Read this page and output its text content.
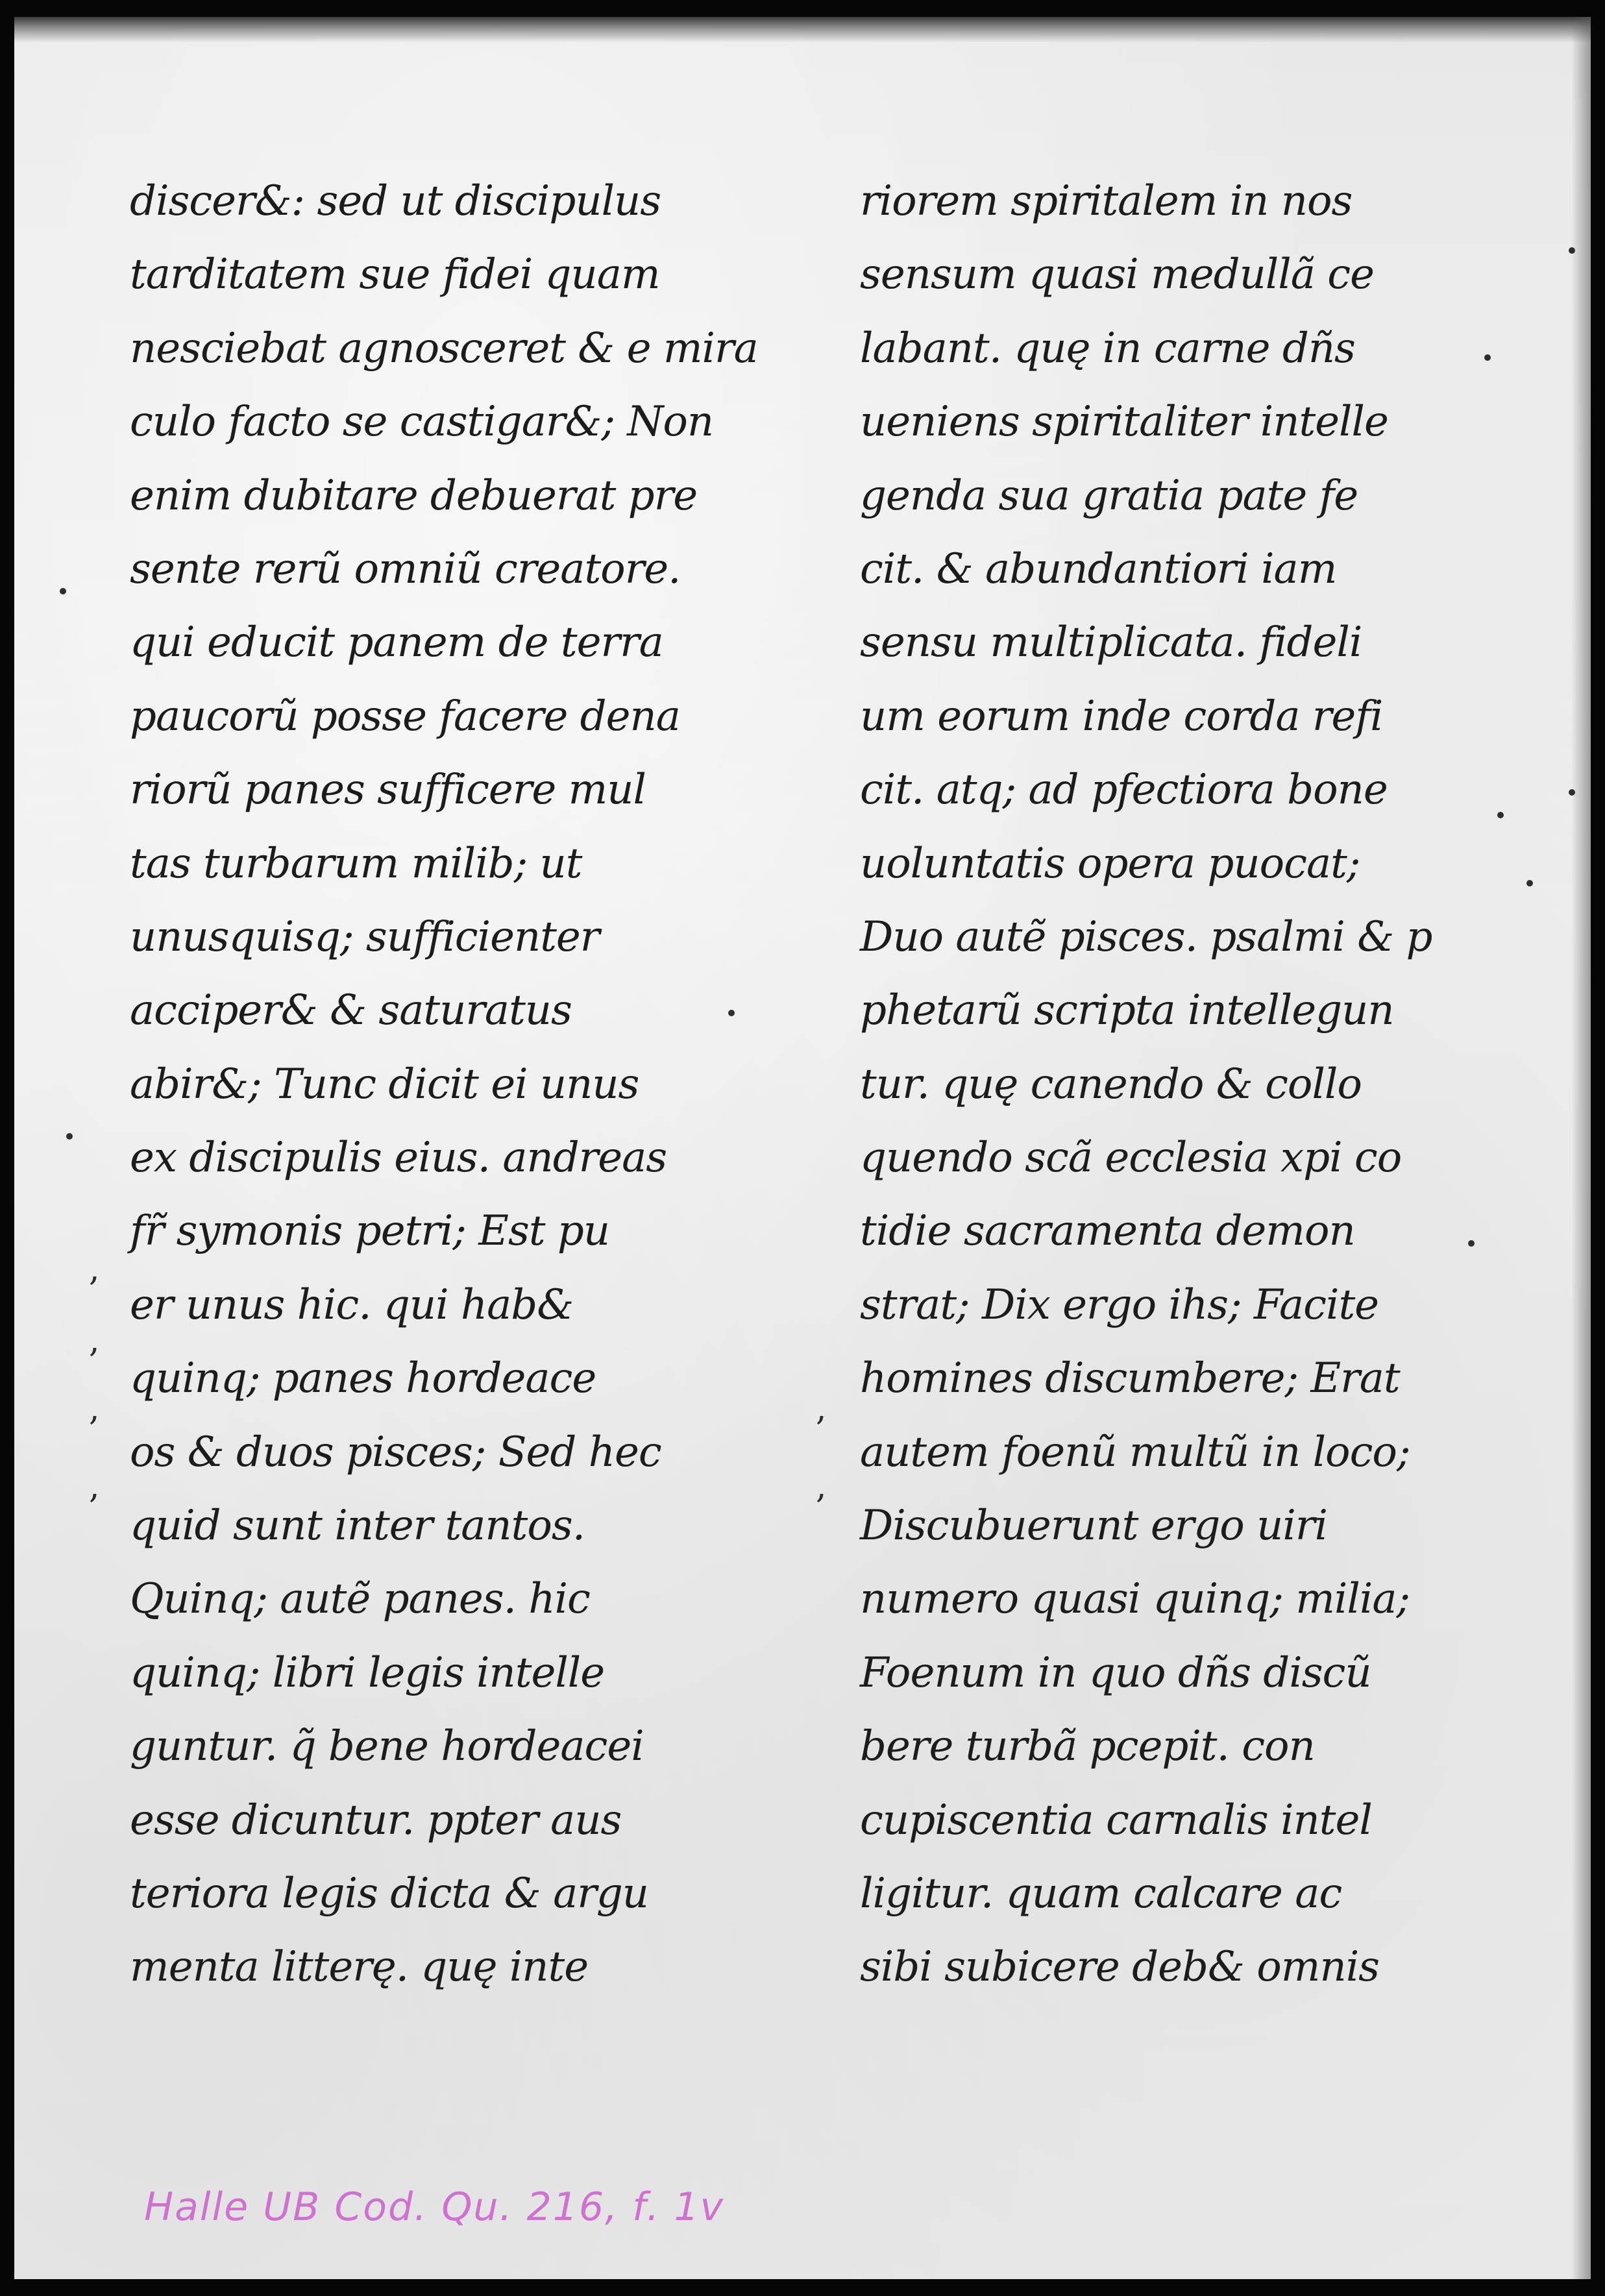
discer&: sed ut discipulus
tarditatem sue fidei quam
nesciebat agnosceret & e mira
culo facto se castigar&; Non
enim dubitare debuerat pre
sente rerũ omniũ creatore.
qui educit panem de terra
paucorũ posse facere dena
riorũ panes sufficere mul
tas turbarum milib; ut
unusquisq; sufficienter
acciper& & saturatus
abir&; Tunc dicit ei unus
ex discipulis eius. andreas
fr̃ symonis petri; Est pu
er unus hic. qui hab&
quinq; panes hordeace
os & duos pisces; Sed hec
quid sunt inter tantos.
Quinq; autẽ panes. hic
quinq; libri legis intelle
guntur. q̃ bene hordeacei
esse dicuntur. ppter aus
teriora legis dicta & argu
menta litterę. quę inte
riorem spiritalem in nos
sensum quasi medullã ce
labant. quę in carne dñs
ueniens spiritaliter intelle
genda sua gratia pate fe
cit. & abundantiori iam
sensu multiplicata. fideli
um eorum inde corda refi
cit. atq; ad pfectiora bone
uoluntatis opera puocat;
Duo autẽ pisces. psalmi & p
phetarũ scripta intellegun
tur. quę canendo & collo
quendo scã ecclesia xpi co
tidie sacramenta demon
strat; Dix ergo ihs; Facite
homines discumbere; Erat
autem foenũ multũ in loco;
Discubuerunt ergo uiri
numero quasi quinq; milia;
Foenum in quo dñs discũ
bere turbã pcepit. con
cupiscentia carnalis intel
ligitur. quam calcare ac
sibi subicere deb& omnis
,
,
,
,
,
,
Halle UB Cod. Qu. 216, f. 1v
